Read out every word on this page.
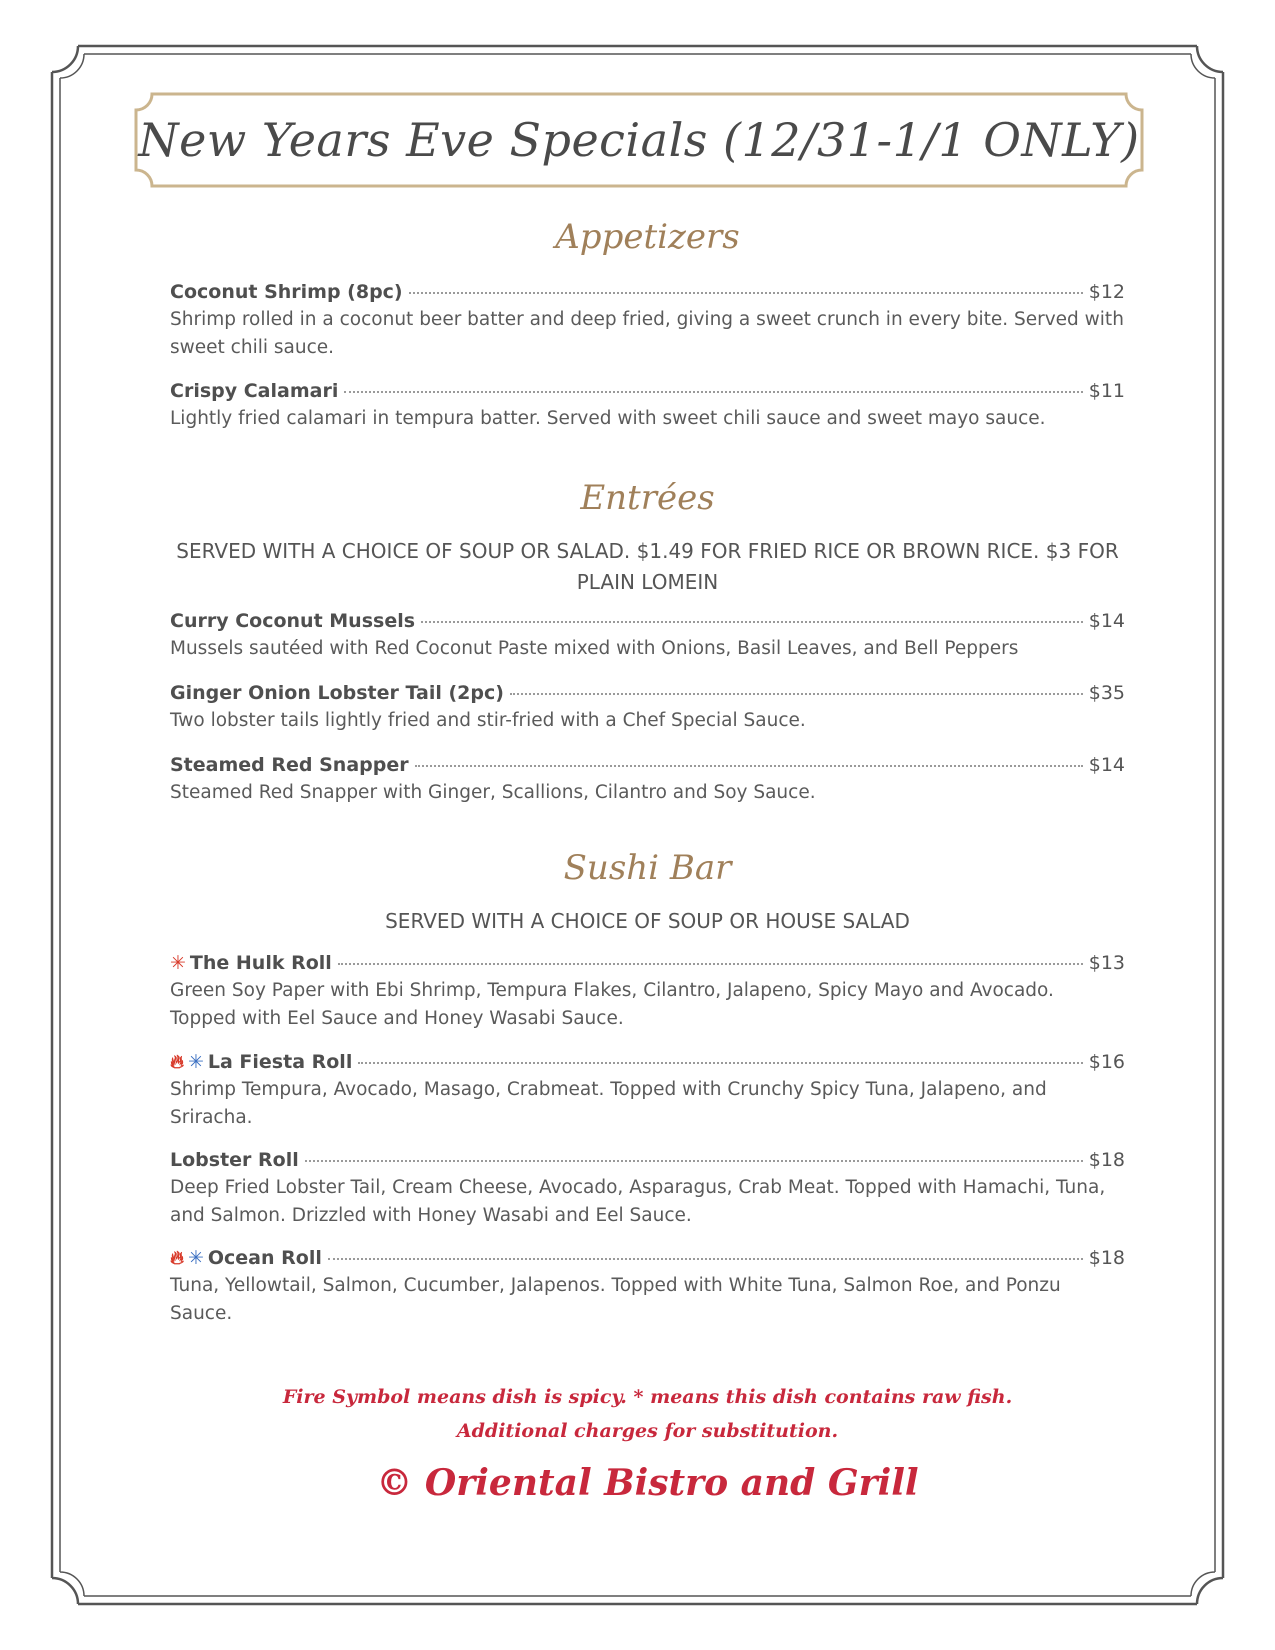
New Years Eve Specials (12/31-1/1 ONLY)
Appetizers
Coconut Shrimp (8pc)	$12
Shrimp rolled in a coconut beer batter and deep fried, giving a sweet crunch in every bite. Served with sweet chili sauce.
Crispy Calamari	$11
Lightly fried calamari in tempura batter. Served with sweet chili sauce and sweet mayo sauce.
Entrées
SERVED WITH A CHOICE OF SOUP OR SALAD. $1.49 FOR FRIED RICE OR BROWN RICE. $3 FOR PLAIN LOMEIN
Curry Coconut Mussels	$14
Mussels sautéed with Red Coconut Paste mixed with Onions, Basil Leaves, and Bell Peppers
Ginger Onion Lobster Tail (2pc)	$35
Two lobster tails lightly fried and stir-fried with a Chef Special Sauce.
Steamed Red Snapper	$14
Steamed Red Snapper with Ginger, Scallions, Cilantro and Soy Sauce.
Sushi Bar
SERVED WITH A CHOICE OF SOUP OR HOUSE SALAD
✳ The Hulk Roll	$13
Green Soy Paper with Ebi Shrimp, Tempura Flakes, Cilantro, Jalapeno, Spicy Mayo and Avocado. Topped with Eel Sauce and Honey Wasabi Sauce.
🔥︎ ✳ La Fiesta Roll	$16
Shrimp Tempura, Avocado, Masago, Crabmeat. Topped with Crunchy Spicy Tuna, Jalapeno, and Sriracha.
Lobster Roll	$18
Deep Fried Lobster Tail, Cream Cheese, Avocado, Asparagus, Crab Meat. Topped with Hamachi, Tuna, and Salmon. Drizzled with Honey Wasabi and Eel Sauce.
🔥︎ ✳ Ocean Roll	$18
Tuna, Yellowtail, Salmon, Cucumber, Jalapenos. Topped with White Tuna, Salmon Roe, and Ponzu Sauce.
Fire Symbol means dish is spicy. * means this dish contains raw fish.
Additional charges for substitution.
© Oriental Bistro and Grill
